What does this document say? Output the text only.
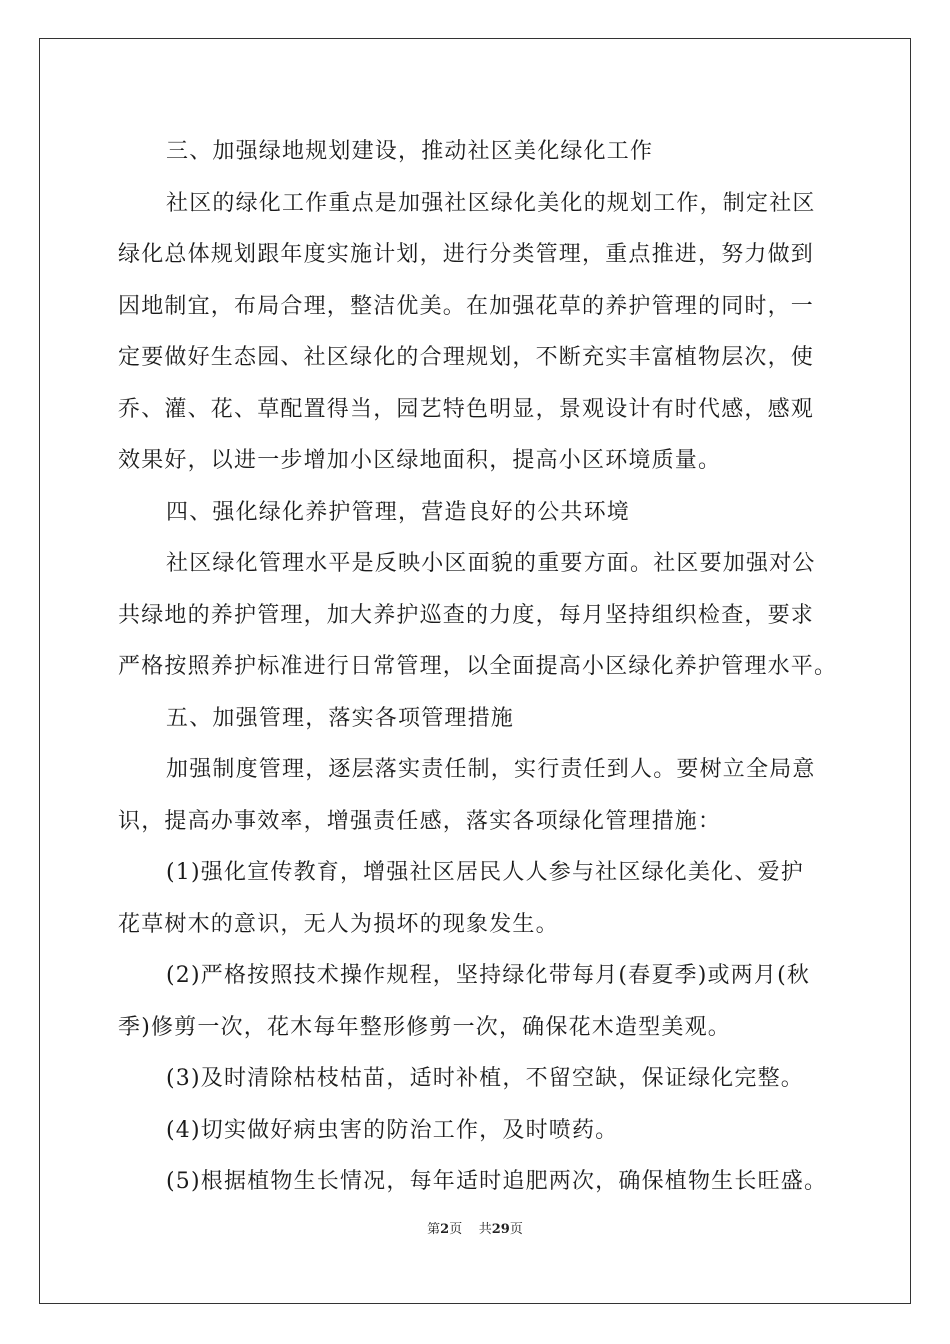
三、加强绿地规划建设，推动社区美化绿化工作
社区的绿化工作重点是加强社区绿化美化的规划工作，制定社区
绿化总体规划跟年度实施计划，进行分类管理，重点推进，努力做到
因地制宜，布局合理，整洁优美。在加强花草的养护管理的同时，一
定要做好生态园、社区绿化的合理规划，不断充实丰富植物层次，使
乔、灌、花、草配置得当，园艺特色明显，景观设计有时代感，感观
效果好，以进一步增加小区绿地面积，提高小区环境质量。
四、强化绿化养护管理，营造良好的公共环境
社区绿化管理水平是反映小区面貌的重要方面。社区要加强对公
共绿地的养护管理，加大养护巡查的力度，每月坚持组织检查，要求
严格按照养护标准进行日常管理，以全面提高小区绿化养护管理水平。
五、加强管理，落实各项管理措施
加强制度管理，逐层落实责任制，实行责任到人。要树立全局意
识，提高办事效率，增强责任感，落实各项绿化管理措施：
(1)强化宣传教育，增强社区居民人人参与社区绿化美化、爱护
花草树木的意识，无人为损坏的现象发生。
(2)严格按照技术操作规程，坚持绿化带每月(春夏季)或两月(秋
季)修剪一次，花木每年整形修剪一次，确保花木造型美观。
(3)及时清除枯枝枯苗，适时补植，不留空缺，保证绿化完整。
(4)切实做好病虫害的防治工作，及时喷药。
(5)根据植物生长情况，每年适时追肥两次，确保植物生长旺盛。
第2页 共29页
